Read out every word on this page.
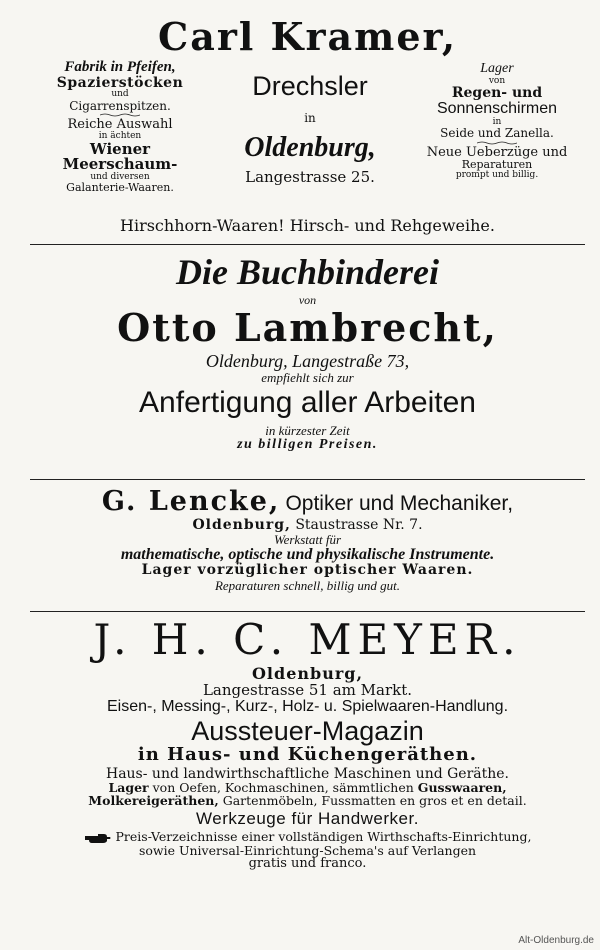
Carl Kramer,

Fabrik in Pfeifen,

Spazierstöcken

und

Cigarrenspitzen.

Reiche Auswahl

in ächten

Wiener Meerschaum-

und diversen

Galanterie-Waaren.

Drechsler

in

Oldenburg,

Langestrasse 25.

Lager

von

Regen- und

Sonnenschirmen

in

Seide und Zanella.

Neue Ueberzüge und

Reparaturen

prompt und billig.

Hirschhorn-Waaren! Hirsch- und Rehgeweihe.

Die Buchbinderei

von

Otto Lambrecht,

Oldenburg, Langestraße 73,

empfiehlt sich zur

Anfertigung aller Arbeiten

in kürzester Zeit

zu billigen Preisen.

G. Lencke, Optiker und Mechaniker,

Oldenburg, Staustrasse Nr. 7.

Werkstatt für

mathematische, optische und physikalische Instrumente.

Lager vorzüglicher optischer Waaren.

Reparaturen schnell, billig und gut.

J. H. C. MEYER.

Oldenburg,

Langestrasse 51 am Markt.

Eisen-, Messing-, Kurz-, Holz- u. Spielwaaren-Handlung.

Aussteuer-Magazin

in Haus- und Küchengeräthen.

Haus- und landwirthschaftliche Maschinen und Geräthe.

Lager von Oefen, Kochmaschinen, sämmtlichen Gusswaaren,

Molkereigeräthen, Gartenmöbeln, Fussmatten en gros et en detail.

Werkzeuge für Handwerker.

Preis-Verzeichnisse einer vollständigen Wirthschafts-Einrichtung,

sowie Universal-Einrichtung-Schema's auf Verlangen

gratis und franco.

Alt-Oldenburg.de
